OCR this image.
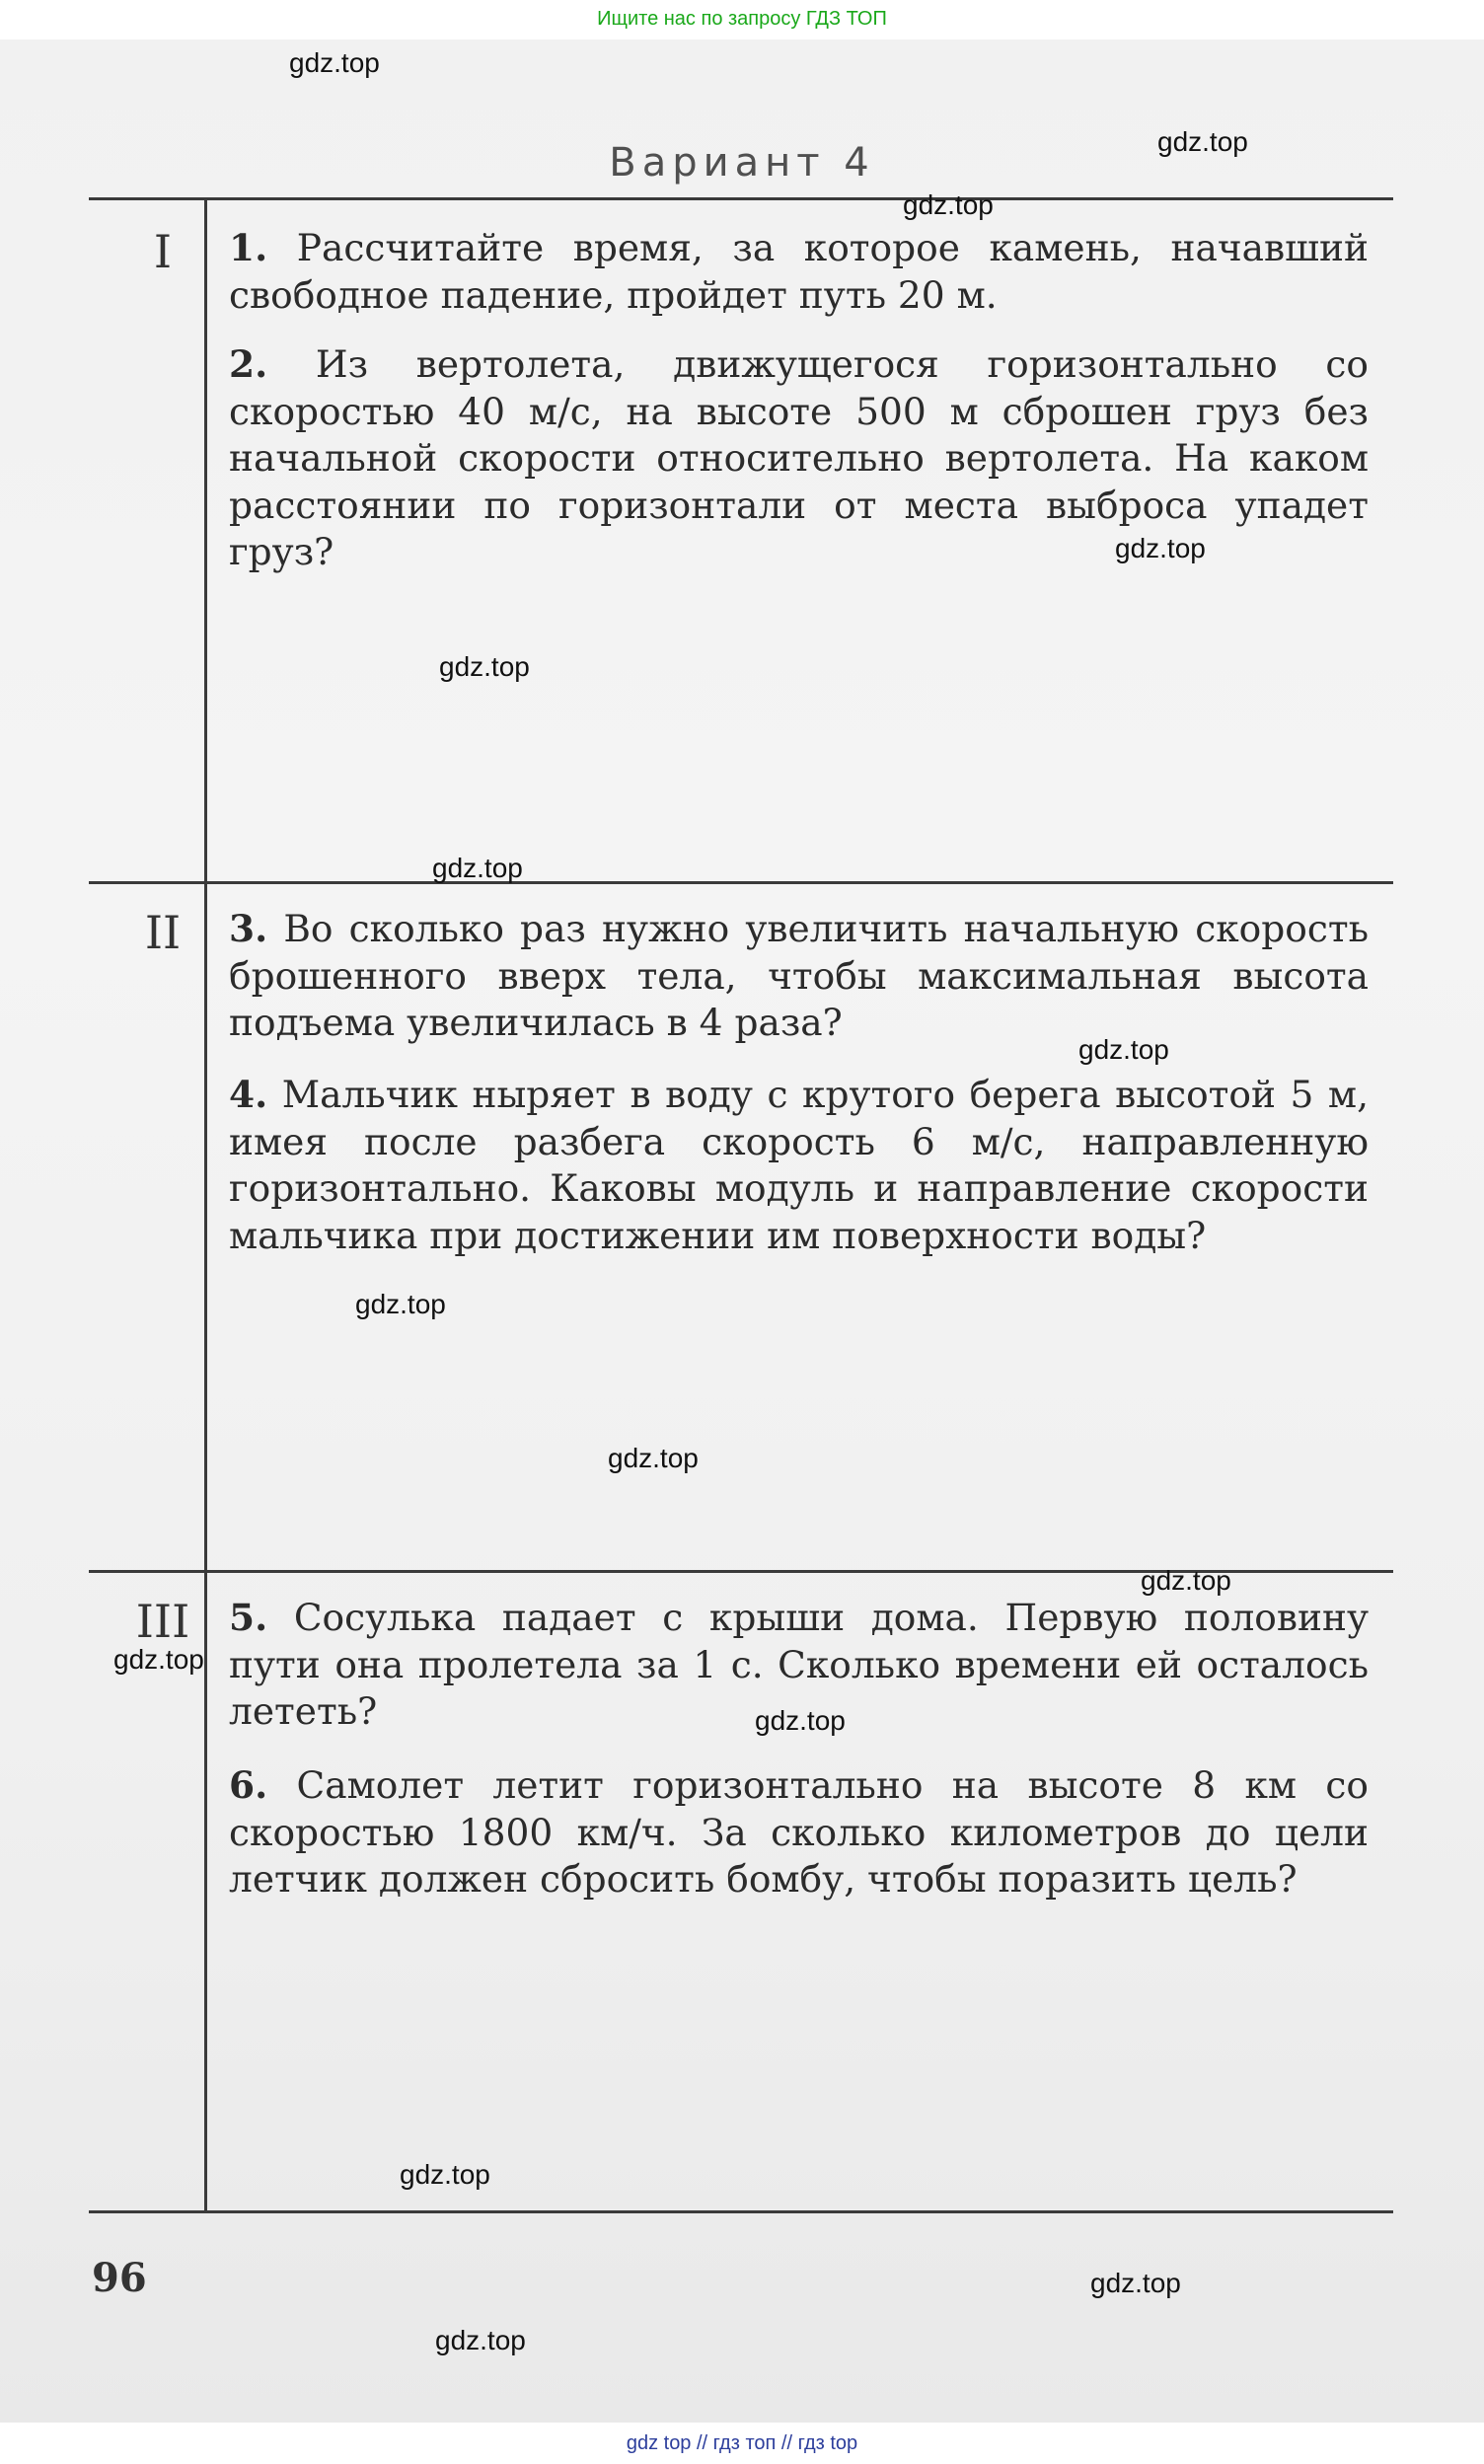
Ищите нас по запросу ГДЗ ТОП
Вариант 4
I	1. Рассчитайте время, за которое камень, начавший свободное падение, пройдет путь 20 м.

2. Из вертолета, движущегося горизонтально со скоростью 40 м/с, на высоте 500 м сброшен груз без начальной скорости относительно вертолета. На каком расстоянии по горизонтали от места выброса упадет груз?

II	3. Во сколько раз нужно увеличить начальную скорость брошенного вверх тела, чтобы максимальная высота подъема увеличилась в 4 раза?

4. Мальчик ныряет в воду с крутого берега высотой 5 м, имея после разбега скорость 6 м/с, направленную горизонтально. Каковы модуль и направление скорости мальчика при достижении им поверхности воды?

III	5. Сосулька падает с крыши дома. Первую половину пути она пролетела за 1 с. Сколько времени ей осталось лететь?

6. Самолет летит горизонтально на высоте 8 км со скоростью 1800 км/ч. За сколько километров до цели летчик должен сбросить бомбу, чтобы поразить цель?

96
gdz.top
gdz.top
gdz.top
gdz.top
gdz.top
gdz.top
gdz.top
gdz.top
gdz.top
gdz.top
gdz.top
gdz.top
gdz.top
gdz.top
gdz.top
gdz top // гдз топ // гдз top
